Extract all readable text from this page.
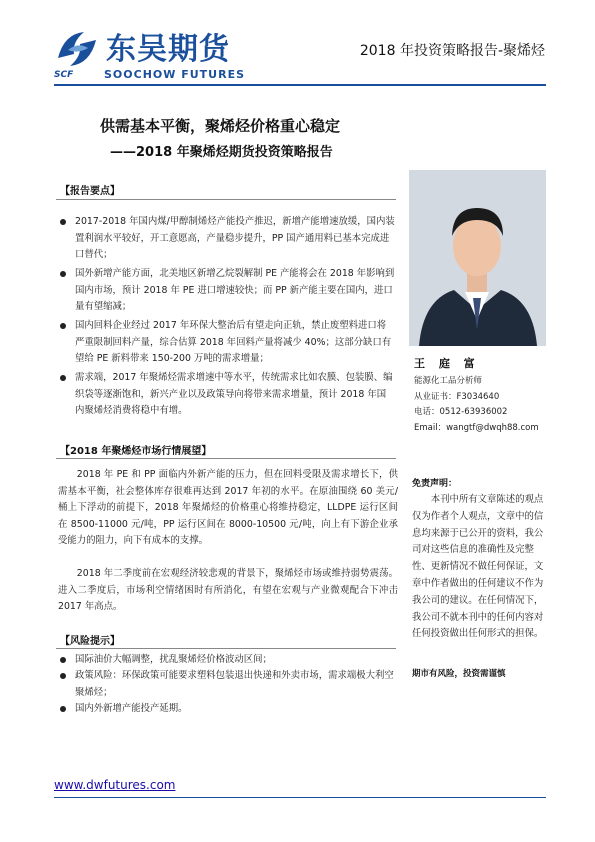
东吴期货
SCF	SOOCHOW FUTURES
2018 年投资策略报告-聚烯烃
供需基本平衡，聚烯烃价格重心稳定
——2018 年聚烯烃期货投资策略报告
【报告要点】
2017-2018 年国内煤/甲醇制烯烃产能投产推迟，新增产能增速放缓，国内装置利润水平较好，开工意愿高，产量稳步提升，PP 国产通用料已基本完成进口替代；
国外新增产能方面，北美地区新增乙烷裂解制 PE 产能将会在 2018 年影响到国内市场，预计 2018 年 PE 进口增速较快；而 PP 新产能主要在国内，进口量有望缩减；
国内回料企业经过 2017 年环保大整治后有望走向正轨，禁止废塑料进口将严重限制回料产量，综合估算 2018 年回料产量将减少 40%；这部分缺口有望给 PE 新料带来 150-200 万吨的需求增量；
需求端，2017 年聚烯烃需求增速中等水平，传统需求比如农膜、包装膜、编织袋等逐渐饱和，新兴产业以及政策导向将带来需求增量，预计 2018 年国内聚烯烃消费将稳中有增。
【2018 年聚烯烃市场行情展望】
2018 年 PE 和 PP 面临内外新产能的压力，但在回料受限及需求增长下，供需基本平衡，社会整体库存很难再达到 2017 年初的水平。在原油围绕 60 美元/桶上下浮动的前提下，2018 年聚烯烃的价格重心将维持稳定，LLDPE 运行区间在 8500-11000 元/吨，PP 运行区间在 8000-10500 元/吨，向上有下游企业承受能力的阻力，向下有成本的支撑。
2018 年二季度前在宏观经济较悲观的背景下，聚烯烃市场或维持弱势震荡。进入二季度后，市场利空情绪困时有所消化，有望在宏观与产业微观配合下冲击 2017 年高点。
【风险提示】
国际油价大幅调整，扰乱聚烯烃价格波动区间；
政策风险：环保政策可能要求塑料包装退出快递和外卖市场，需求端极大利空聚烯烃；
国内外新增产能投产延期。
王 庭 富
能源化工品分析师
从业证书：F3034640
电话：0512-63936002
Email：wangtf@dwqh88.com
免责声明：
本刊中所有文章陈述的观点仅为作者个人观点，文章中的信息均来源于已公开的资料，我公司对这些信息的准确性及完整性、更新情况不做任何保证，文章中作者做出的任何建议不作为我公司的建议。在任何情况下，我公司不就本刊中的任何内容对任何投资做出任何形式的担保。
期市有风险，投资需谨慎
www.dwfutures.com
